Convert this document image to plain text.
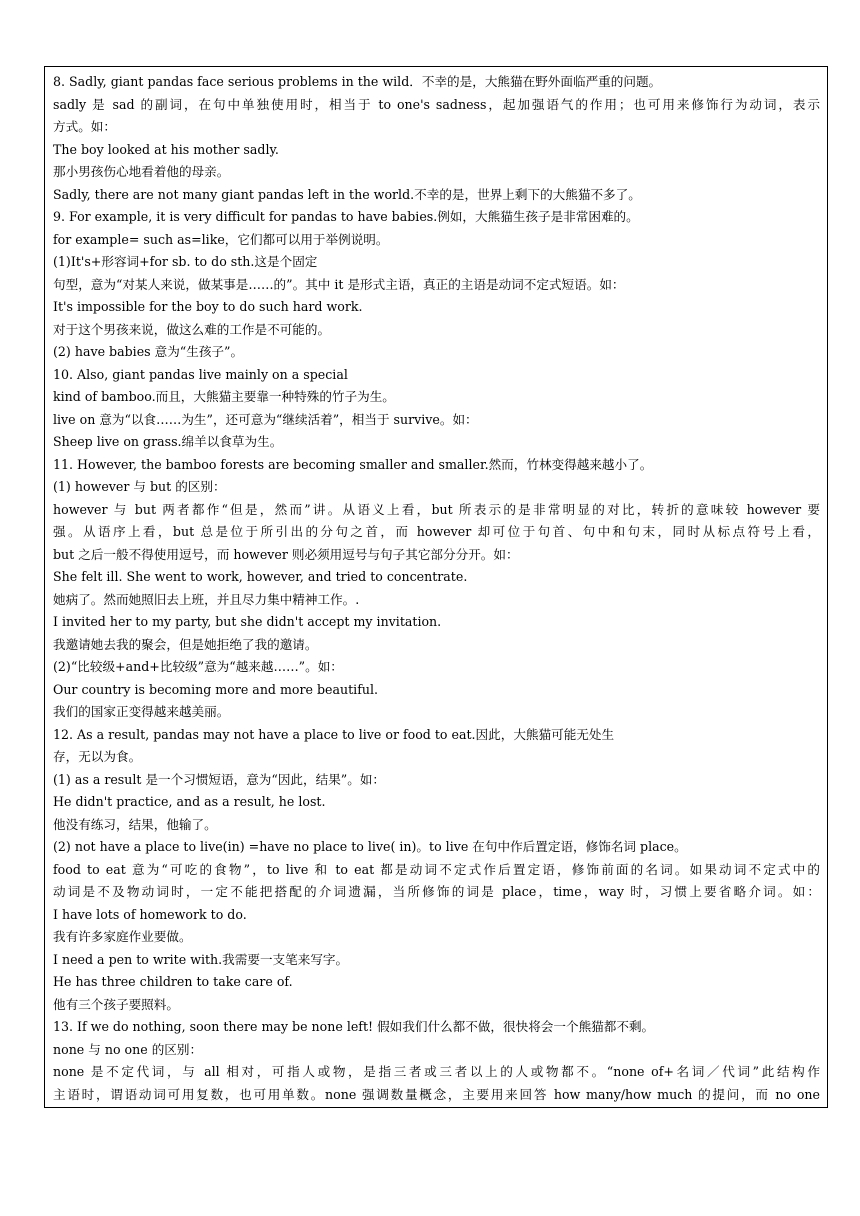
8. Sadly, giant pandas face serious problems in the wild．不幸的是，大熊猫在野外面临严重的问题。
sadly 是 sad 的副词，在句中单独使用时，相当于 to one's sadness，起加强语气的作用；也可用来修饰行为动词，表示
方式。如：
The boy looked at his mother sadly.
那小男孩伤心地看着他的母亲。
Sadly, there are not many giant pandas left in the world.不幸的是，世界上剩下的大熊猫不多了。
9. For example, it is very difficult for pandas to have babies.例如，大熊猫生孩子是非常困难的。
for example= such as=like，它们都可以用于举例说明。
(1)It's+形容词+for sb. to do sth.这是个固定
句型，意为“对某人来说，做某事是……的”。其中 it 是形式主语，真正的主语是动词不定式短语。如：
It's impossible for the boy to do such hard work.
对于这个男孩来说，做这么难的工作是不可能的。
(2) have babies 意为“生孩子”。
10. Also, giant pandas live mainly on a special
kind of bamboo.而且，大熊猫主要靠一种特殊的竹子为生。
live on 意为“以食……为生”，还可意为“继续活着”，相当于 survive。如：
Sheep live on grass.绵羊以食草为生。
11. However, the bamboo forests are becoming smaller and smaller.然而，竹林变得越来越小了。
(1) however 与 but 的区别：
however 与 but 两者都作“但是，然而”讲。从语义上看，but 所表示的是非常明显的对比，转折的意味较 however 要
强。从语序上看，but 总是位于所引出的分句之首，而 however 却可位于句首、句中和句末，同时从标点符号上看，
but 之后一般不得使用逗号，而 however 则必须用逗号与句子其它部分分开。如：
She felt ill. She went to work, however, and tried to concentrate.
她病了。然而她照旧去上班，并且尽力集中精神工作。.
I invited her to my party, but she didn't accept my invitation.
我邀请她去我的聚会，但是她拒绝了我的邀请。
(2)“比较级+and+比较级”意为“越来越……”。如：
Our country is becoming more and more beautiful.
我们的国家正变得越来越美丽。
12. As a result, pandas may not have a place to live or food to eat.因此，大熊猫可能无处生
存，无以为食。
(1) as a result 是一个习惯短语，意为“因此，结果”。如：
He didn't practice, and as a result, he lost.
他没有练习，结果，他输了。
(2) not have a place to live(in) =have no place to live( in)。to live 在句中作后置定语，修饰名词 place。
food to eat 意为“可吃的食物”，to live 和 to eat 都是动词不定式作后置定语，修饰前面的名词。如果动词不定式中的
动词是不及物动词时，一定不能把搭配的介词遗漏，当所修饰的词是 place，time，way 时，习惯上要省略介词。如：
I have lots of homework to do.
我有许多家庭作业要做。
I need a pen to write with.我需要一支笔来写字。
He has three children to take care of.
他有三个孩子要照料。
13. If we do nothing, soon there may be none left! 假如我们什么都不做，很快将会一个熊猫都不剩。
none 与 no one 的区别：
none 是不定代词，与 all 相对，可指人或物，是指三者或三者以上的人或物都不。“none of+名词／代词”此结构作
主语时，谓语动词可用复数，也可用单数。none 强调数量概念，主要用来回答 how many/how much 的提问，而 no one
